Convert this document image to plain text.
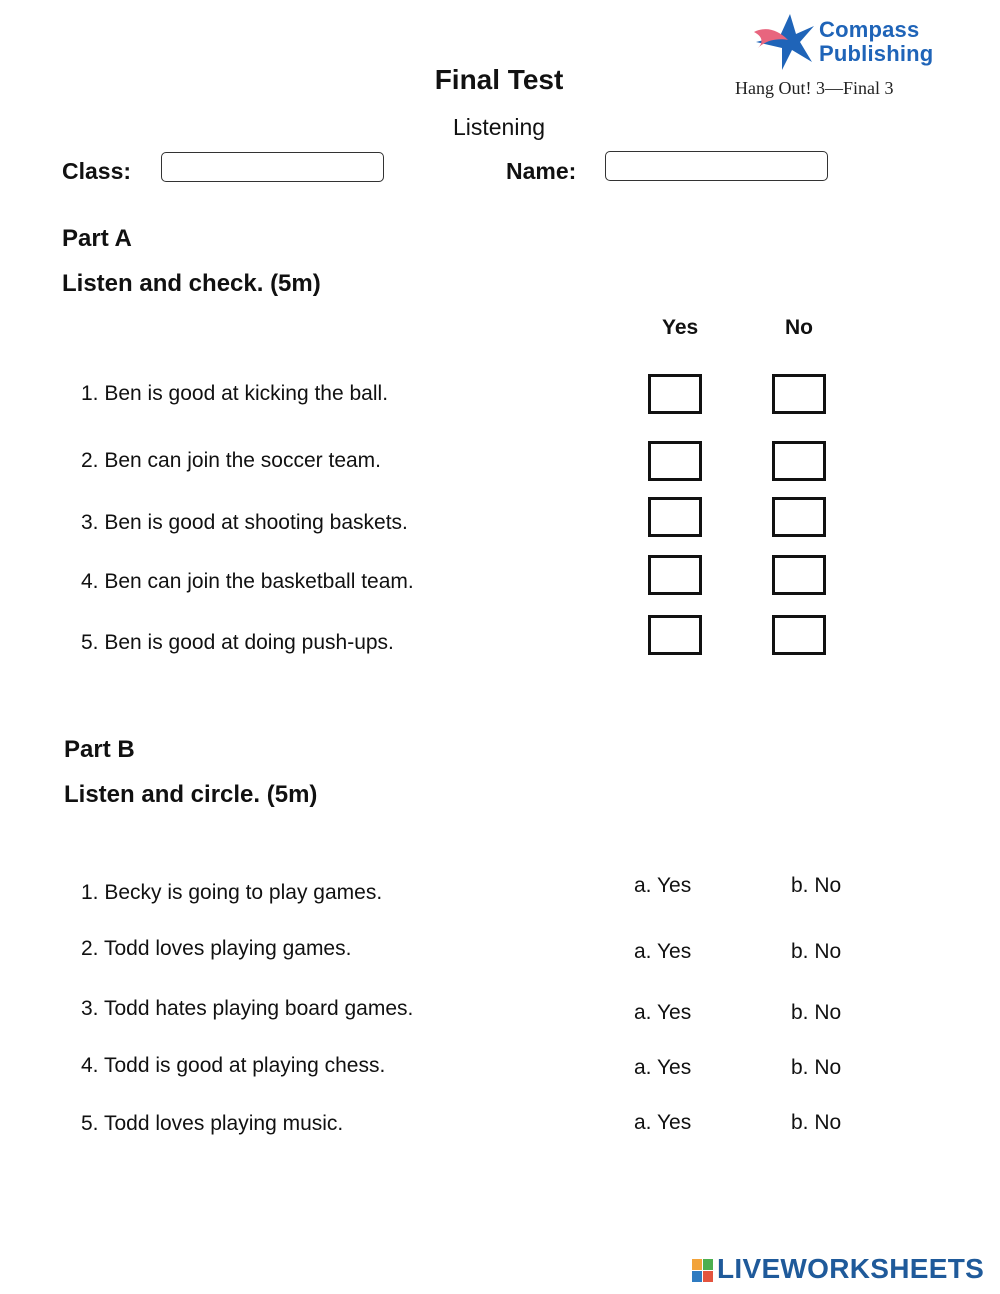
Compass
Publishing
Final Test	Hang Out! 3—Final 3
Listening
Class:	Name:
Part A
Listen and check. (5m)
Yes	No
1. Ben is good at kicking the ball.
2. Ben can join the soccer team.
3. Ben is good at shooting baskets.
4. Ben can join the basketball team.
5. Ben is good at doing push-ups.
Part B
Listen and circle. (5m)
1. Becky is going to play games.	a. Yes	b. No
2. Todd loves playing games.	a. Yes	b. No
3. Todd hates playing board games.	a. Yes	b. No
4. Todd is good at playing chess.	a. Yes	b. No
5. Todd loves playing music.	a. Yes	b. No
LIVEWORKSHEETS
